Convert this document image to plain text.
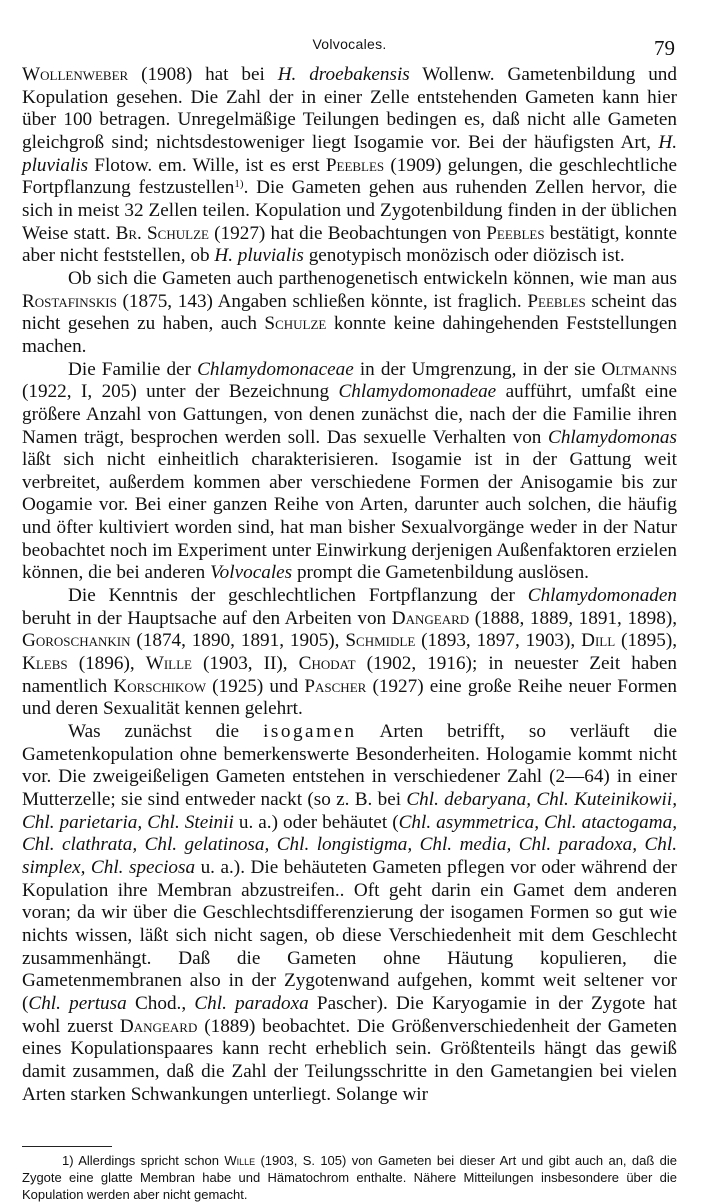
Volvocales.	79

Wollenweber (1908) hat bei H. droebakensis Wollenw. Gametenbildung und Kopulation gesehen. Die Zahl der in einer Zelle entstehenden Gameten kann hier über 100 betragen. Unregelmäßige Teilungen bedingen es, daß nicht alle Gameten gleichgroß sind; nichtsdestoweniger liegt Isogamie vor. Bei der häufigsten Art, H. pluvialis Flotow. em. Wille, ist es erst Peebles (1909) gelungen, die geschlechtliche Fortpflanzung festzustellen$^{1)}$. Die Gameten gehen aus ruhenden Zellen hervor, die sich in meist 32 Zellen teilen. Kopulation und Zygotenbildung finden in der üblichen Weise statt. Br. Schulze (1927) hat die Beobachtungen von Peebles bestätigt, konnte aber nicht feststellen, ob H. pluvialis genotypisch monözisch oder diözisch ist.

Ob sich die Gameten auch parthenogenetisch entwickeln können, wie man aus Rostafinskis (1875, 143) Angaben schließen könnte, ist fraglich. Peebles scheint das nicht gesehen zu haben, auch Schulze konnte keine dahingehenden Feststellungen machen.

Die Familie der Chlamydomonaceae in der Umgrenzung, in der sie Oltmanns (1922, I, 205) unter der Bezeichnung Chlamydomonadeae aufführt, umfaßt eine größere Anzahl von Gattungen, von denen zunächst die, nach der die Familie ihren Namen trägt, besprochen werden soll. Das sexuelle Verhalten von Chlamydomonas läßt sich nicht einheitlich charakterisieren. Isogamie ist in der Gattung weit verbreitet, außerdem kommen aber verschiedene Formen der Anisogamie bis zur Oogamie vor. Bei einer ganzen Reihe von Arten, darunter auch solchen, die häufig und öfter kultiviert worden sind, hat man bisher Sexualvorgänge weder in der Natur beobachtet noch im Experiment unter Einwirkung derjenigen Außenfaktoren erzielen können, die bei anderen Volvocales prompt die Gametenbildung auslösen.

Die Kenntnis der geschlechtlichen Fortpflanzung der Chlamydomonaden beruht in der Hauptsache auf den Arbeiten von Dangeard (1888, 1889, 1891, 1898), Goroschankin (1874, 1890, 1891, 1905), Schmidle (1893, 1897, 1903), Dill (1895), Klebs (1896), Wille (1903, II), Chodat (1902, 1916); in neuester Zeit haben namentlich Korschikow (1925) und Pascher (1927) eine große Reihe neuer Formen und deren Sexualität kennen gelehrt.

Was zunächst die isogamen Arten betrifft, so verläuft die Gametenkopulation ohne bemerkenswerte Besonderheiten. Hologamie kommt nicht vor. Die zweigeißeligen Gameten entstehen in verschiedener Zahl (2—64) in einer Mutterzelle; sie sind entweder nackt (so z. B. bei Chl. debaryana, Chl. Kuteinikowii, Chl. parietaria, Chl. Steinii u. a.) oder behäutet (Chl. asymmetrica, Chl. atactogama, Chl. clathrata, Chl. gelatinosa, Chl. longistigma, Chl. media, Chl. paradoxa, Chl. simplex, Chl. speciosa u. a.). Die behäuteten Gameten pflegen vor oder während der Kopulation ihre Membran abzustreifen.. Oft geht darin ein Gamet dem anderen voran; da wir über die Geschlechtsdifferenzierung der isogamen Formen so gut wie nichts wissen, läßt sich nicht sagen, ob diese Verschiedenheit mit dem Geschlecht zusammenhängt. Daß die Gameten ohne Häutung kopulieren, die Gametenmembranen also in der Zygotenwand aufgehen, kommt weit seltener vor (Chl. pertusa Chod., Chl. paradoxa Pascher). Die Karyogamie in der Zygote hat wohl zuerst Dangeard (1889) beobachtet. Die Größenverschiedenheit der Gameten eines Kopulationspaares kann recht erheblich sein. Größtenteils hängt das gewiß damit zusammen, daß die Zahl der Teilungsschritte in den Gametangien bei vielen Arten starken Schwankungen unterliegt. Solange wir

1) Allerdings spricht schon Wille (1903, S. 105) von Gameten bei dieser Art und gibt auch an, daß die Zygote eine glatte Membran habe und Hämatochrom enthalte. Nähere Mitteilungen insbesondere über die Kopulation werden aber nicht gemacht.
